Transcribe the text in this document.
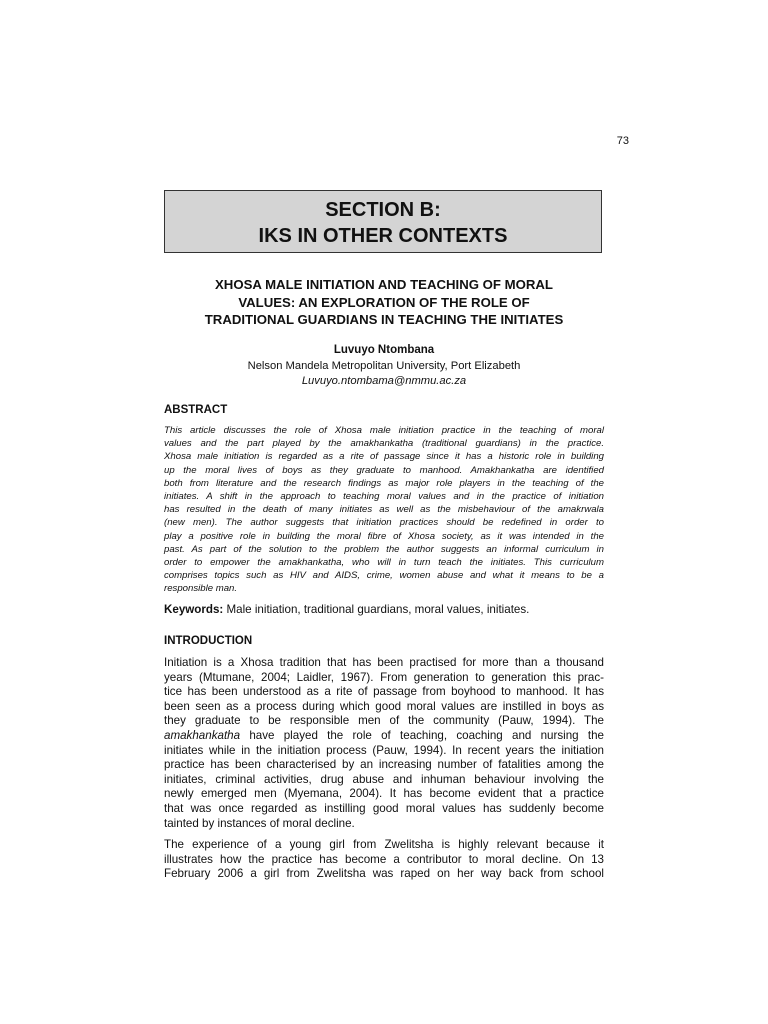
73
SECTION B:
IKS IN OTHER CONTEXTS
XHOSA MALE INITIATION AND TEACHING OF MORAL
VALUES: AN EXPLORATION OF THE ROLE OF
TRADITIONAL GUARDIANS IN TEACHING THE INITIATES
Luvuyo Ntombana
Nelson Mandela Metropolitan University, Port Elizabeth
Luvuyo.ntombama@nmmu.ac.za
ABSTRACT
This article discusses the role of Xhosa male initiation practice in the teaching of moral
values and the part played by the amakhankatha (traditional guardians) in the practice.
Xhosa male initiation is regarded as a rite of passage since it has a historic role in building
up the moral lives of boys as they graduate to manhood. Amakhankatha are identified
both from literature and the research findings as major role players in the teaching of the
initiates. A shift in the approach to teaching moral values and in the practice of initiation
has resulted in the death of many initiates as well as the misbehaviour of the amakrwala
(new men). The author suggests that initiation practices should be redefined in order to
play a positive role in building the moral fibre of Xhosa society, as it was intended in the
past. As part of the solution to the problem the author suggests an informal curriculum in
order to empower the amakhankatha, who will in turn teach the initiates. This curriculum
comprises topics such as HIV and AIDS, crime, women abuse and what it means to be a
responsible man.
Keywords: Male initiation, traditional guardians, moral values, initiates.
INTRODUCTION
Initiation is a Xhosa tradition that has been practised for more than a thousand
years (Mtumane, 2004; Laidler, 1967). From generation to generation this prac-
tice has been understood as a rite of passage from boyhood to manhood. It has
been seen as a process during which good moral values are instilled in boys as
they graduate to be responsible men of the community (Pauw, 1994). The
amakhankatha have played the role of teaching, coaching and nursing the
initiates while in the initiation process (Pauw, 1994). In recent years the initiation
practice has been characterised by an increasing number of fatalities among the
initiates, criminal activities, drug abuse and inhuman behaviour involving the
newly emerged men (Myemana, 2004). It has become evident that a practice
that was once regarded as instilling good moral values has suddenly become
tainted by instances of moral decline.
The experience of a young girl from Zwelitsha is highly relevant because it
illustrates how the practice has become a contributor to moral decline. On 13
February 2006 a girl from Zwelitsha was raped on her way back from school
